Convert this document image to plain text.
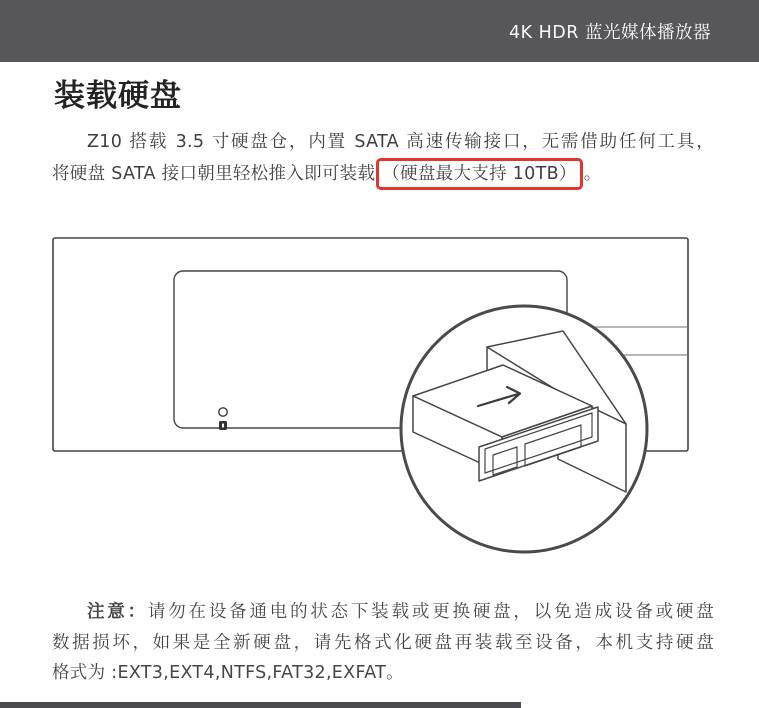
4K HDR 蓝光媒体播放器
装载硬盘
Z10 搭载 3.5 寸硬盘仓，内置 SATA 高速传输接口，无需借助任何工具，
将硬盘 SATA 接口朝里轻松推入即可装载 （硬盘最大支持 10TB） 。
注意：请勿在设备通电的状态下装载或更换硬盘，以免造成设备或硬盘
数据损坏，如果是全新硬盘，请先格式化硬盘再装载至设备，本机支持硬盘
格式为 :EXT3,EXT4,NTFS,FAT32,EXFAT。
